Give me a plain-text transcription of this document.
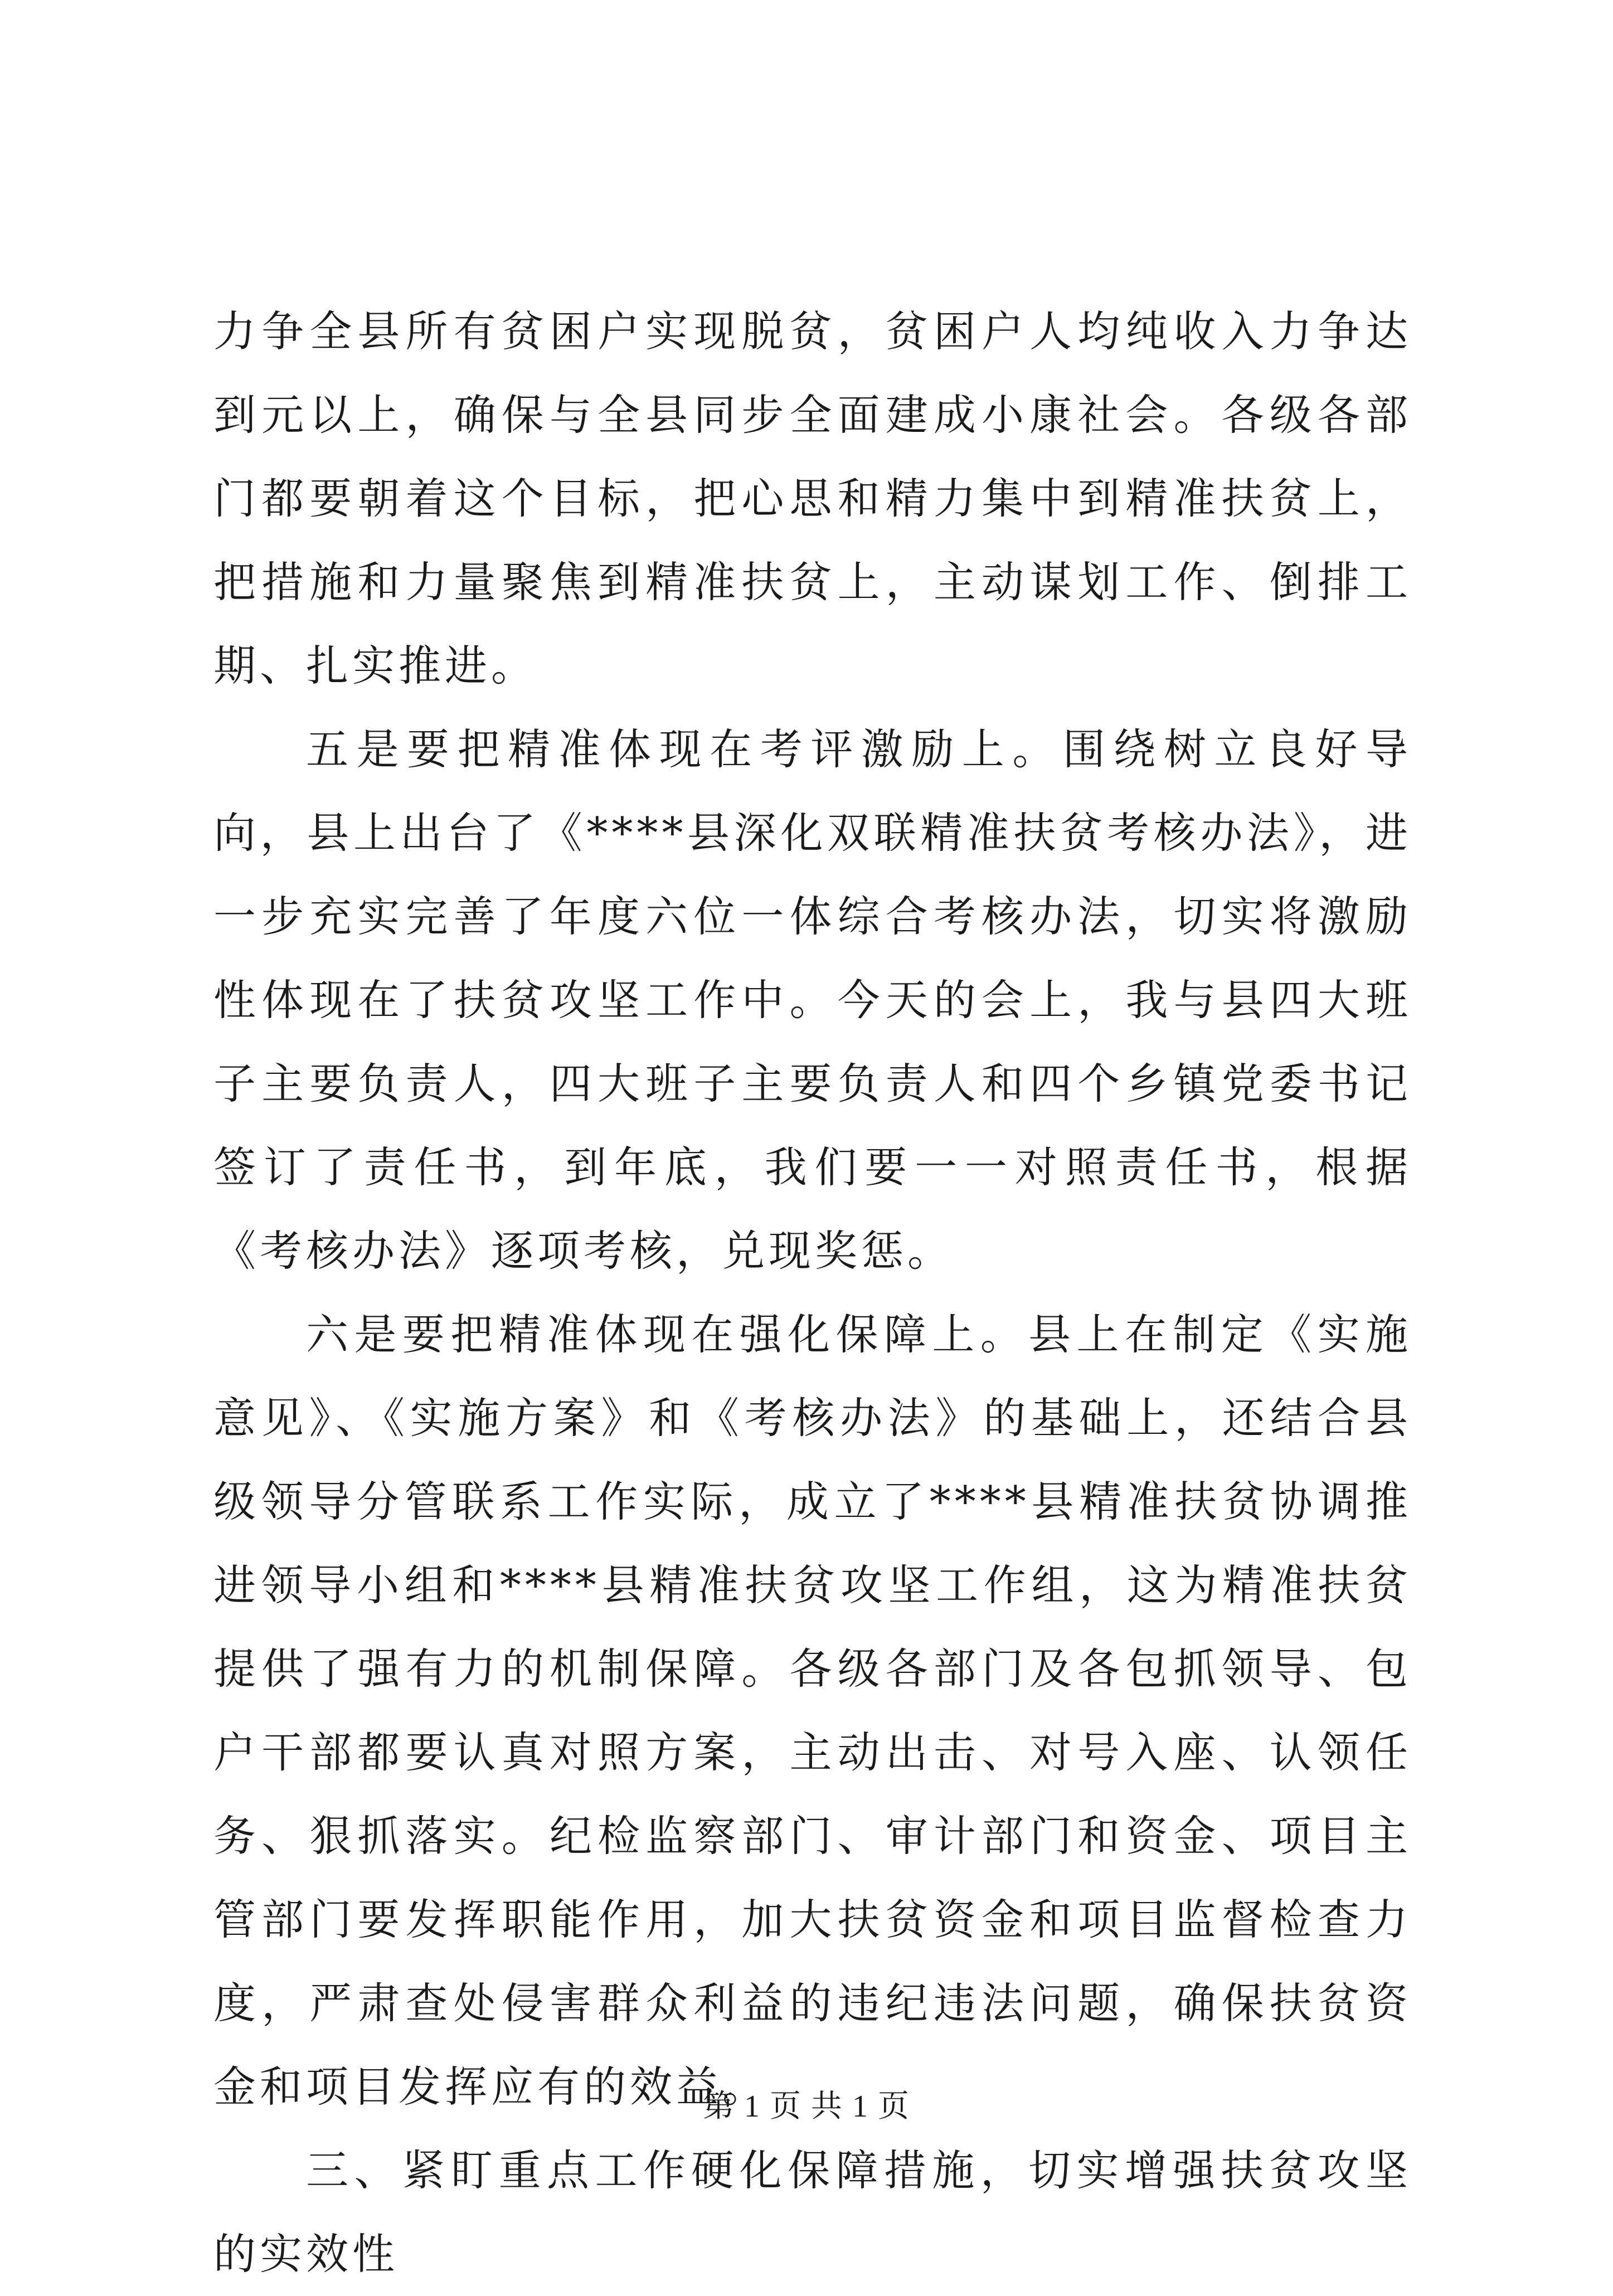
力争全县所有贫困户实现脱贫，贫困户人均纯收入力争达到元以上，确保与全县同步全面建成小康社会。各级各部门都要朝着这个目标，把心思和精力集中到精准扶贫上，把措施和力量聚焦到精准扶贫上，主动谋划工作、倒排工期、扎实推进。

五是要把精准体现在考评激励上。围绕树立良好导向，县上出台了《****县深化双联精准扶贫考核办法》，进一步充实完善了年度六位一体综合考核办法，切实将激励性体现在了扶贫攻坚工作中。今天的会上，我与县四大班子主要负责人，四大班子主要负责人和四个乡镇党委书记签订了责任书，到年底，我们要一一对照责任书，根据《考核办法》逐项考核，兑现奖惩。

六是要把精准体现在强化保障上。县上在制定《实施意见》、《实施方案》和《考核办法》的基础上，还结合县级领导分管联系工作实际，成立了****县精准扶贫协调推进领导小组和****县精准扶贫攻坚工作组，这为精准扶贫提供了强有力的机制保障。各级各部门及各包抓领导、包户干部都要认真对照方案，主动出击、对号入座、认领任务、狠抓落实。纪检监察部门、审计部门和资金、项目主管部门要发挥职能作用，加大扶贫资金和项目监督检查力度，严肃查处侵害群众利益的违纪违法问题，确保扶贫资金和项目发挥应有的效益。

三、紧盯重点工作硬化保障措施，切实增强扶贫攻坚的实效性

第 1 页 共 1 页
